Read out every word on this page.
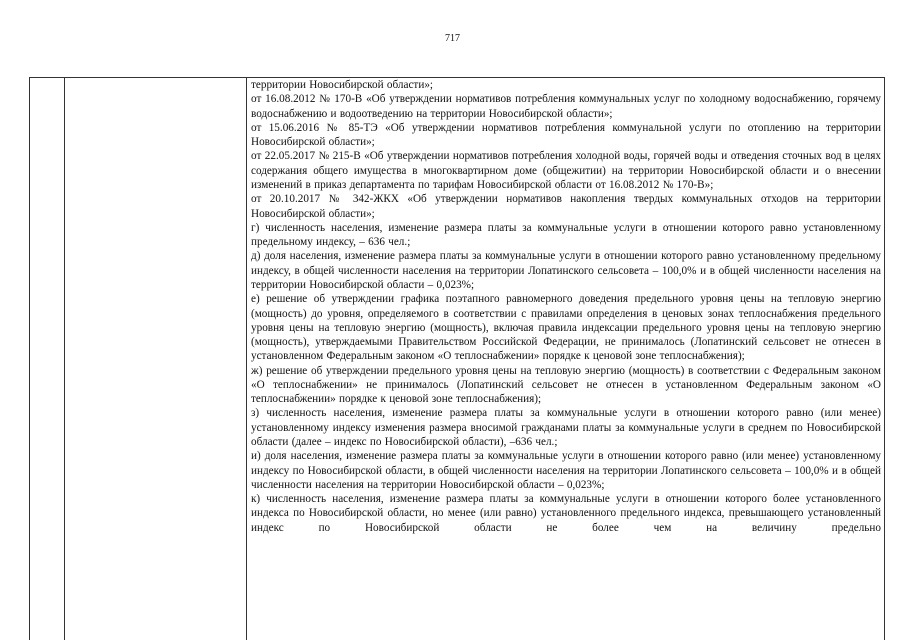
717

территории Новосибирской области»;

от 16.08.2012 № 170-В «Об утверждении нормативов потребления коммунальных услуг по холодному водоснабжению, горячему водоснабжению и водоотведению на территории Новосибирской области»;

от 15.06.2016 № 85-ТЭ «Об утверждении нормативов потребления коммунальной услуги по отоплению на территории Новосибирской области»;

от 22.05.2017 № 215-В «Об утверждении нормативов потребления холодной воды, горячей воды и отведения сточных вод в целях содержания общего имущества в многоквартирном доме (общежитии) на территории Новосибирской области и о внесении изменений в приказ департамента по тарифам Новосибирской области от 16.08.2012 № 170-В»;

от 20.10.2017 № 342-ЖКХ «Об утверждении нормативов накопления твердых коммунальных отходов на территории Новосибирской области»;

г) численность населения, изменение размера платы за коммунальные услуги в отношении которого равно установленному предельному индексу, – 636 чел.;

д) доля населения, изменение размера платы за коммунальные услуги в отношении которого равно установленному предельному индексу, в общей численности населения на территории Лопатинского сельсовета – 100,0% и в общей численности населения на территории Новосибирской области – 0,023%;

е) решение об утверждении графика поэтапного равномерного доведения предельного уровня цены на тепловую энергию (мощность) до уровня, определяемого в соответствии с правилами определения в ценовых зонах теплоснабжения предельного уровня цены на тепловую энергию (мощность), включая правила индексации предельного уровня цены на тепловую энергию (мощность), утверждаемыми Правительством Российской Федерации, не принималось (Лопатинский сельсовет не отнесен в установленном Федеральным законом «О теплоснабжении» порядке к ценовой зоне теплоснабжения);

ж) решение об утверждении предельного уровня цены на тепловую энергию (мощность) в соответствии с Федеральным законом «О теплоснабжении» не принималось (Лопатинский сельсовет не отнесен в установленном Федеральным законом «О теплоснабжении» порядке к ценовой зоне теплоснабжения);

з) численность населения, изменение размера платы за коммунальные услуги в отношении которого равно (или менее) установленному индексу изменения размера вносимой гражданами платы за коммунальные услуги в среднем по Новосибирской области (далее – индекс по Новосибирской области), –636 чел.;

и) доля населения, изменение размера платы за коммунальные услуги в отношении которого равно (или менее) установленному индексу по Новосибирской области, в общей численности населения на территории Лопатинского сельсовета – 100,0% и в общей численности населения на территории Новосибирской области – 0,023%;

к) численность населения, изменение размера платы за коммунальные услуги в отношении которого более установленного индекса по Новосибирской области, но менее (или равно) установленного предельного индекса, превышающего установленный индекс по Новосибирской области не более чем на величину предельно
